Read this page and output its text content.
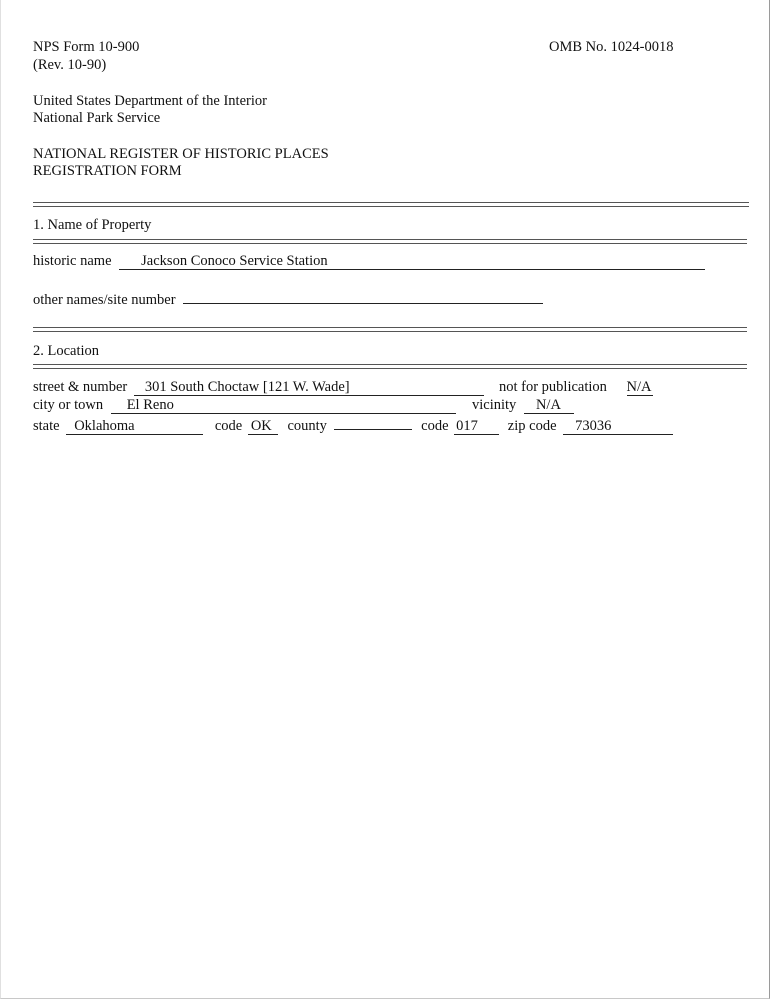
NPS Form 10-900
(Rev. 10-90)
OMB No. 1024-0018
United States Department of the Interior
National Park Service
NATIONAL REGISTER OF HISTORIC PLACES
REGISTRATION FORM
1. Name of Property
historic name Jackson Conoco Service Station
other names/site number
2. Location
street & number 301 South Choctaw [121 W. Wade]	not for publication N/A
city or town El Reno	vicinity N/A
state Oklahoma	code OK county	code 017 zip code 73036
